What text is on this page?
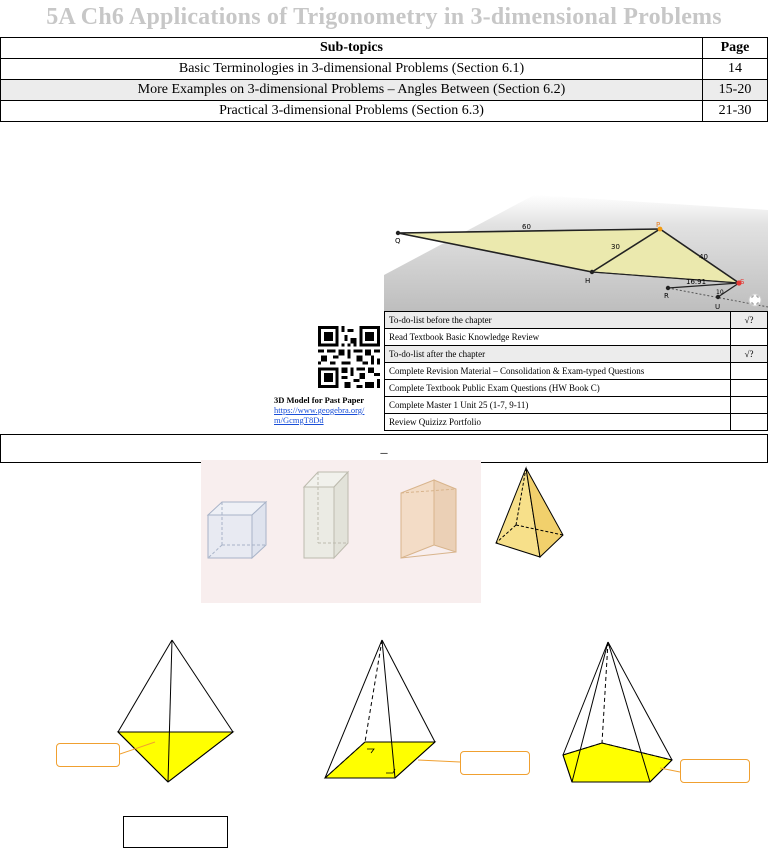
5A Ch6 Applications of Trigonometry in 3-dimensional Problems
Sub-topics	Page
Basic Terminologies in 3-dimensional Problems (Section 6.1)	14
More Examples on 3-dimensional Problems – Angles Between (Section 6.2)	15-20
Practical 3-dimensional Problems (Section 6.3)	21-30
Q
P
H
R
S
U
60
30
40
16.91
10
To-do-list before the chapter	√?
Read Textbook Basic Knowledge Review	
To-do-list after the chapter	√?
Complete Revision Material – Consolidation & Exam-typed Questions	
Complete Textbook Public Exam Questions (HW Book C)	
Complete Master 1 Unit 25 (1-7, 9-11)	
Review Quizizz Portfolio	
3D Model for Past Paper
https://www.geogebra.org/
m/GcmgT8Dd
_
